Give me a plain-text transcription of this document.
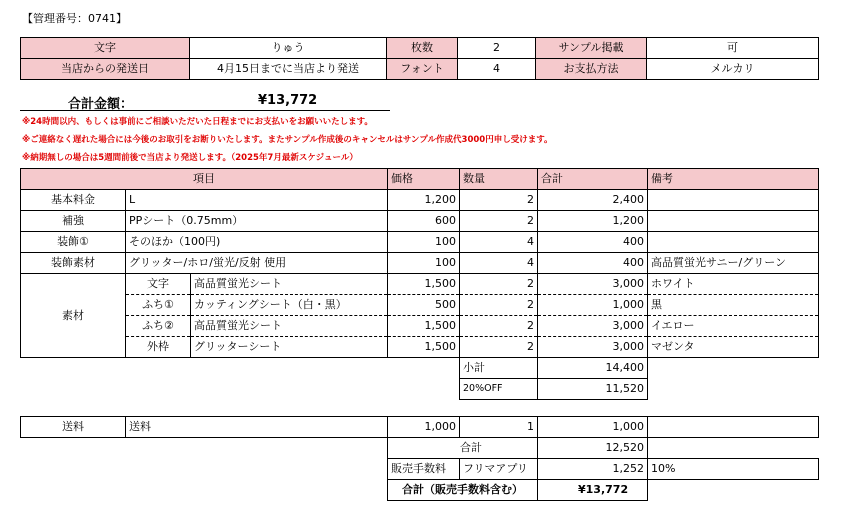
【管理番号：0741】
文字	りゅう	枚数	2	サンプル掲載	可
当店からの発送日	4月15日までに当店より発送	フォント	4	お支払方法	メルカリ
合計金額：	¥13,772
※24時間以内、もしくは事前にご相談いただいた日程までにお支払いをお願いいたします。
※ご連絡なく遅れた場合には今後のお取引をお断りいたします。またサンプル作成後のキャンセルはサンプル作成代3000円申し受けます。
※納期無しの場合は5週間前後で当店より発送します。（2025年7月最新スケジュール）
項目			価格	数量	合計	備考
基本料金	L		1,200	2	2,400	
補強	PPシート（0.75mm）		600	2	1,200	
装飾①	そのほか（100円)		100	4	400	
装飾素材	グリッター/ホロ/蛍光/反射 使用		100	4	400	高品質蛍光サニー/グリーン
素材	文字	高品質蛍光シート	1,500	2	3,000	ホワイト
	ふち①	カッティングシート（白・黒）	500	2	1,000	黒
	ふち②	高品質蛍光シート	1,500	2	3,000	イエロー
	外枠	グリッターシート	1,500	2	3,000	マゼンタ
				小計	14,400	
				20%OFF	11,520	
送料	送料	1,000	1	1,000	
		合計		12,520	
		販売手数料	フリマアプリ	1,252	10%
		合計（販売手数料含む）		¥13,772	
